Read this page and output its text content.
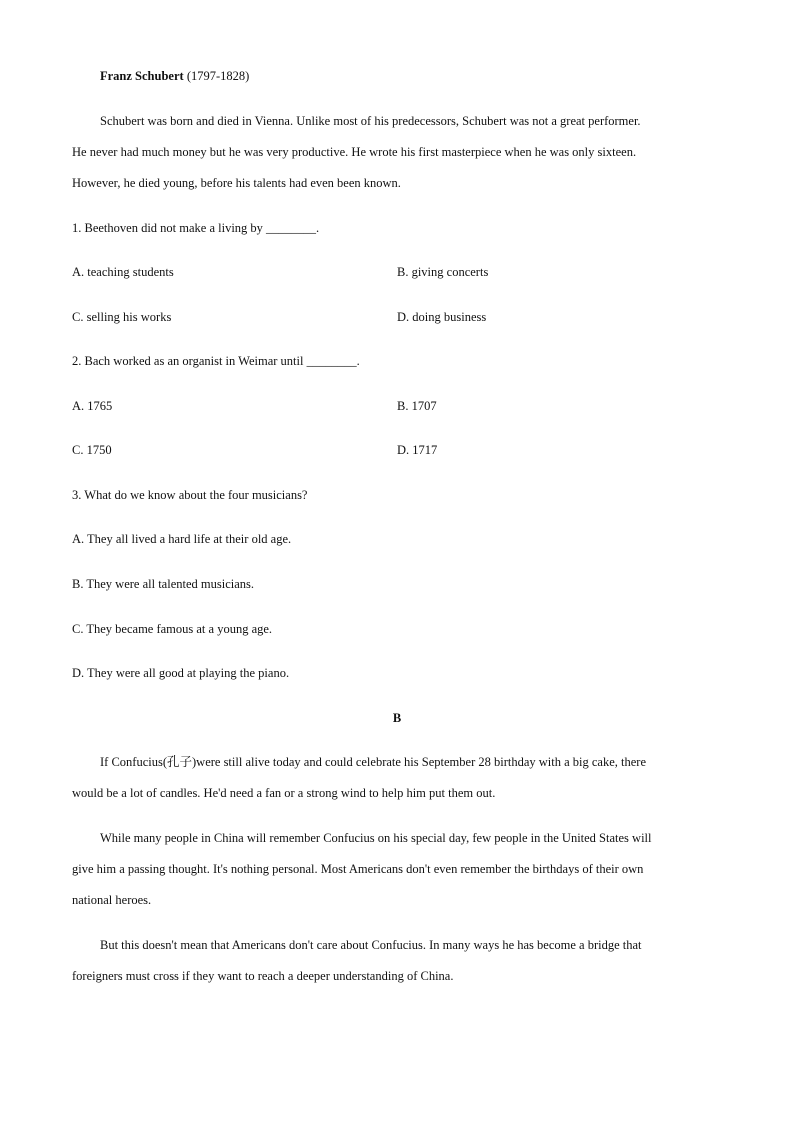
Franz Schubert (1797-1828)
Schubert was born and died in Vienna. Unlike most of his predecessors, Schubert was not a great performer.
He never had much money but he was very productive. He wrote his first masterpiece when he was only sixteen.
However, he died young, before his talents had even been known.
1. Beethoven did not make a living by ________.
A. teaching students	B. giving concerts
C. selling his works	D. doing business
2. Bach worked as an organist in Weimar until ________.
A. 1765	B. 1707
C. 1750	D. 1717
3. What do we know about the four musicians?
A. They all lived a hard life at their old age.
B. They were all talented musicians.
C. They became famous at a young age.
D. They were all good at playing the piano.
B
If Confucius(孔子)were still alive today and could celebrate his September 28 birthday with a big cake, there
would be a lot of candles. He'd need a fan or a strong wind to help him put them out.
While many people in China will remember Confucius on his special day, few people in the United States will
give him a passing thought. It's nothing personal. Most Americans don't even remember the birthdays of their own
national heroes.
But this doesn't mean that Americans don't care about Confucius. In many ways he has become a bridge that
foreigners must cross if they want to reach a deeper understanding of China.
